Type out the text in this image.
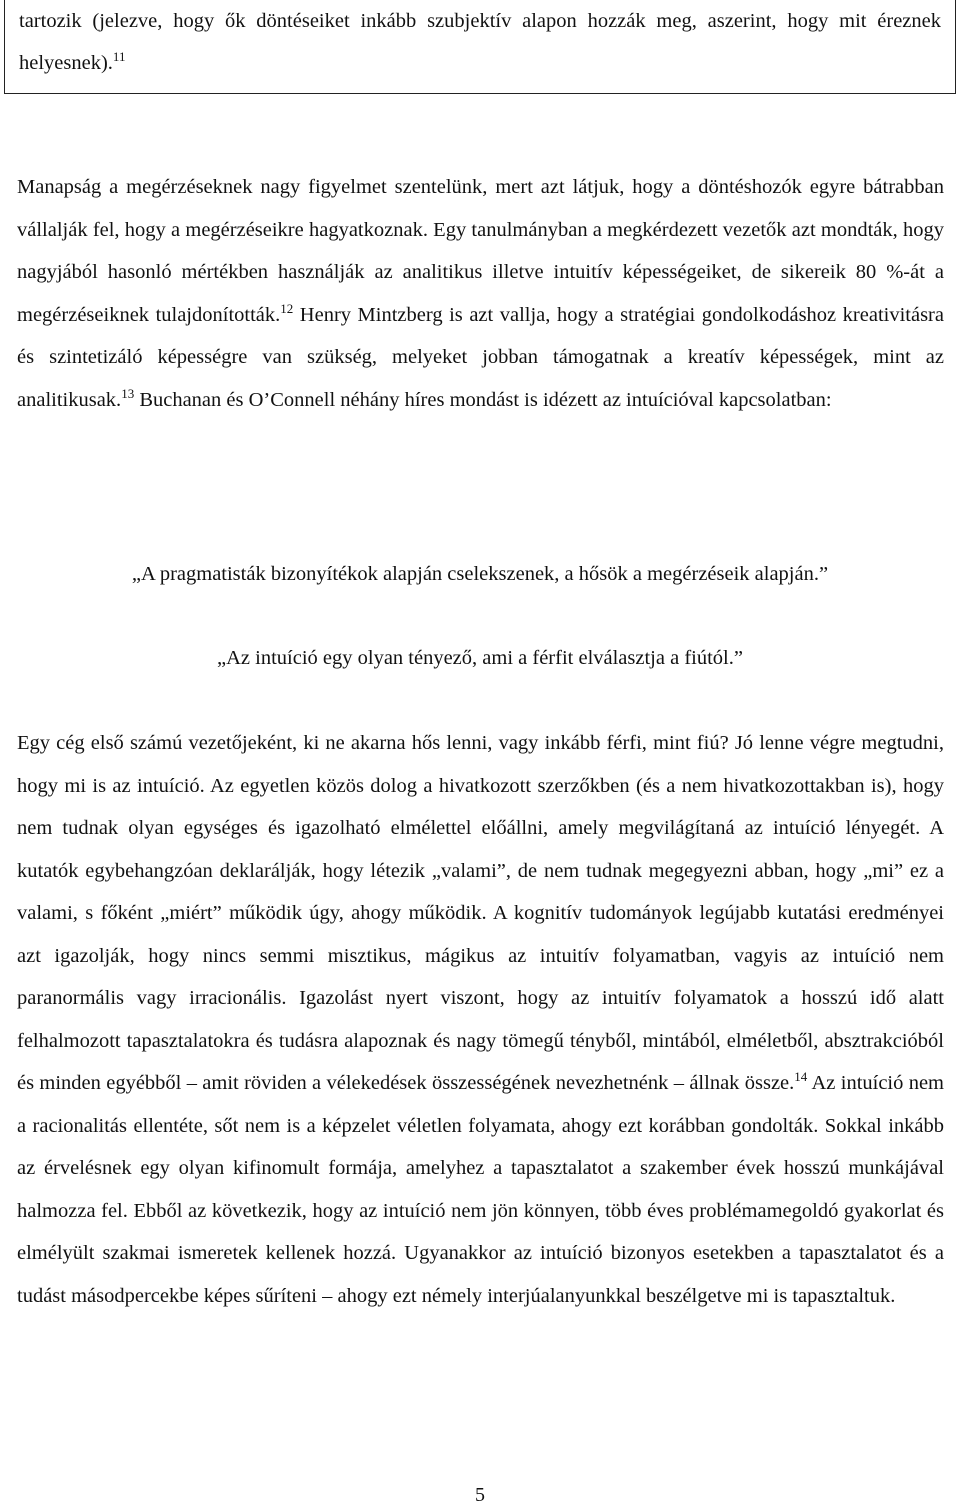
tartozik (jelezve, hogy ők döntéseiket inkább szubjektív alapon hozzák meg, aszerint, hogy mit éreznek helyesnek).$^{11}$

Manapság a megérzéseknek nagy figyelmet szentelünk, mert azt látjuk, hogy a döntéshozók egyre bátrabban vállalják fel, hogy a megérzéseikre hagyatkoznak. Egy tanulmányban a megkérdezett vezetők azt mondták, hogy nagyjából hasonló mértékben használják az analitikus illetve intuitív képességeiket, de sikereik 80 %-át a megérzéseiknek tulajdonították.$^{12}$ Henry Mintzberg is azt vallja, hogy a stratégiai gondolkodáshoz kreativitásra és szintetizáló képességre van szükség, melyeket jobban támogatnak a kreatív képességek, mint az analitikusak.$^{13}$ Buchanan és O’Connell néhány híres mondást is idézett az intuícióval kapcsolatban:

„A pragmatisták bizonyítékok alapján cselekszenek, a hősök a megérzéseik alapján.”

„Az intuíció egy olyan tényező, ami a férfit elválasztja a fiútól.”

Egy cég első számú vezetőjeként, ki ne akarna hős lenni, vagy inkább férfi, mint fiú? Jó lenne végre megtudni, hogy mi is az intuíció. Az egyetlen közös dolog a hivatkozott szerzőkben (és a nem hivatkozottakban is), hogy nem tudnak olyan egységes és igazolható elmélettel előállni, amely megvilágítaná az intuíció lényegét. A kutatók egybehangzóan deklarálják, hogy létezik „valami”, de nem tudnak megegyezni abban, hogy „mi” ez a valami, s főként „miért” működik úgy, ahogy működik. A kognitív tudományok legújabb kutatási eredményei azt igazolják, hogy nincs semmi misztikus, mágikus az intuitív folyamatban, vagyis az intuíció nem paranormális vagy irracionális. Igazolást nyert viszont, hogy az intuitív folyamatok a hosszú idő alatt felhalmozott tapasztalatokra és tudásra alapoznak és nagy tömegű tényből, mintából, elméletből, absztrakcióból és minden egyébből – amit röviden a vélekedések összességének nevezhetnénk – állnak össze.$^{14}$ Az intuíció nem a racionalitás ellentéte, sőt nem is a képzelet véletlen folyamata, ahogy ezt korábban gondolták. Sokkal inkább az érvelésnek egy olyan kifinomult formája, amelyhez a tapasztalatot a szakember évek hosszú munkájával halmozza fel. Ebből az következik, hogy az intuíció nem jön könnyen, több éves problémamegoldó gyakorlat és elmélyült szakmai ismeretek kellenek hozzá. Ugyanakkor az intuíció bizonyos esetekben a tapasztalatot és a tudást másodpercekbe képes sűríteni – ahogy ezt némely interjúalanyunkkal beszélgetve mi is tapasztaltuk.

5
